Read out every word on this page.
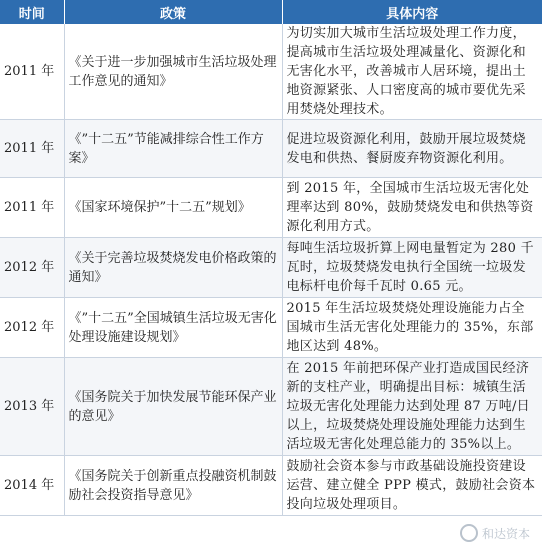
时间	政策	具体内容
2011 年	《关于进一步加强城市生活垃圾处理工作意见的通知》	为切实加大城市生活垃圾处理工作力度，提高城市生活垃圾处理减量化、资源化和无害化水平，改善城市人居环境，提出土地资源紧张、人口密度高的城市要优先采用焚烧处理技术。
2011 年	《”十二五”节能减排综合性工作方案》	促进垃圾资源化利用，鼓励开展垃圾焚烧发电和供热、餐厨废弃物资源化利用。
2011 年	《国家环境保护”十二五”规划》	到 2015 年，全国城市生活垃圾无害化处理率达到 80%，鼓励焚烧发电和供热等资源化利用方式。
2012 年	《关于完善垃圾焚烧发电价格政策的通知》	每吨生活垃圾折算上网电量暂定为 280 千瓦时，垃圾焚烧发电执行全国统一垃圾发电标杆电价每千瓦时 0.65 元。
2012 年	《”十二五”全国城镇生活垃圾无害化处理设施建设规划》	2015 年生活垃圾焚烧处理设施能力占全国城市生活无害化处理能力的 35%，东部地区达到 48%。
2013 年	《国务院关于加快发展节能环保产业的意见》	在 2015 年前把环保产业打造成国民经济新的支柱产业，明确提出目标：城镇生活垃圾无害化处理能力达到处理 87 万吨/日以上，垃圾焚烧处理设施处理能力达到生活垃圾无害化处理总能力的 35%以上。
2014 年	《国务院关于创新重点投融资机制鼓励社会投资指导意见》	鼓励社会资本参与市政基础设施投资建设运营、建立健全 PPP 模式，鼓励社会资本投向垃圾处理项目。
和达资本
